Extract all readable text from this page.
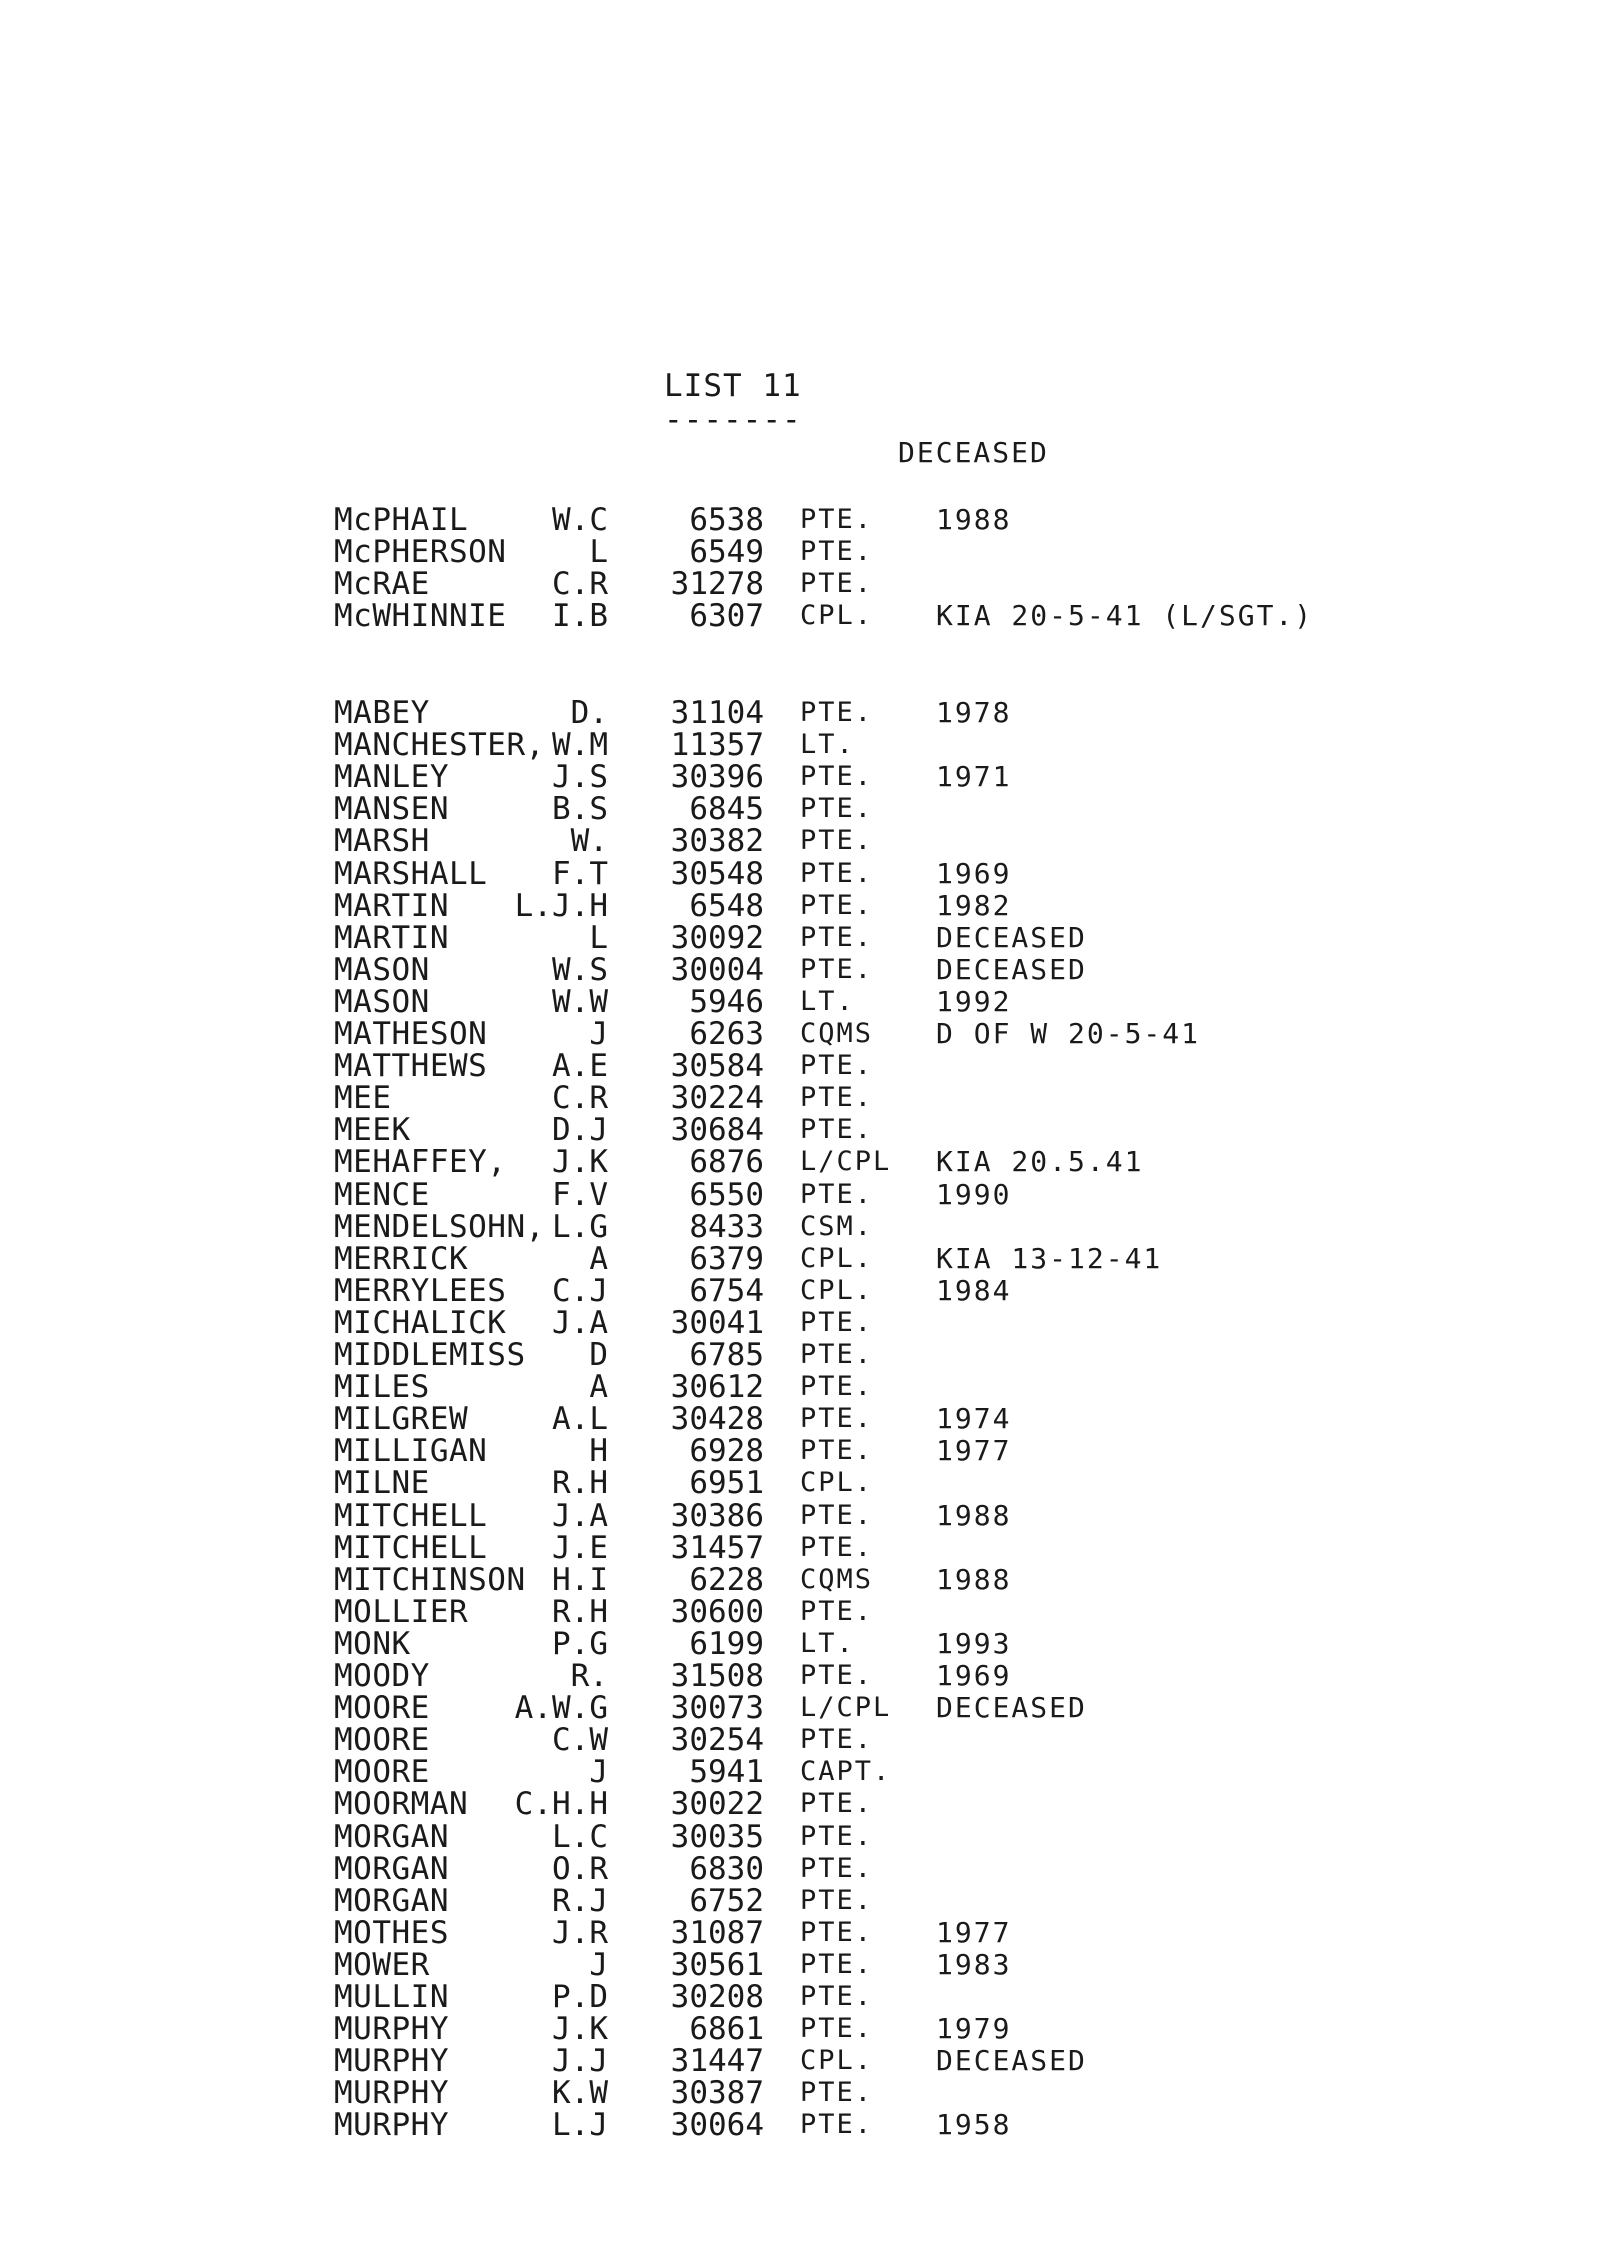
LIST 11
-------
DECEASED
McPHAIL	W.C	6538 PTE. 1988
McPHERSON	L	6549 PTE.
McRAE	C.R	31278 PTE.
McWHINNIE	I.B	6307 CPL. KIA 20-5-41 (L/SGT.)
MABEY	D.	31104 PTE. 1978
MANCHESTER, W.M	11357 LT.
MANLEY	J.S	30396 PTE. 1971
MANSEN	B.S	6845 PTE.
MARSH	W.	30382 PTE.
MARSHALL	F.T	30548 PTE. 1969
MARTIN	L.J.H	6548 PTE. 1982
MARTIN	L	30092 PTE. DECEASED
MASON	W.S	30004 PTE. DECEASED
MASON	W.W	5946 LT.	1992
MATHESON	J	6263 CQMS D OF W 20-5-41
MATTHEWS	A.E	30584 PTE.
MEE	C.R	30224 PTE.
MEEK	D.J	30684 PTE.
MEHAFFEY,	J.K	6876 L/CPL KIA 20.5.41
MENCE	F.V	6550 PTE. 1990
MENDELSOHN, L.G	8433 CSM.
MERRICK	A	6379 CPL. KIA 13-12-41
MERRYLEES	C.J	6754 CPL. 1984
MICHALICK	J.A	30041 PTE.
MIDDLEMISS	D	6785 PTE.
MILES	A	30612 PTE.
MILGREW	A.L	30428 PTE. 1974
MILLIGAN	H	6928 PTE. 1977
MILNE	R.H	6951 CPL.
MITCHELL	J.A	30386 PTE. 1988
MITCHELL	J.E	31457 PTE.
MITCHINSON H.I	6228 CQMS 1988
MOLLIER	R.H	30600 PTE.
MONK	P.G	6199 LT.	1993
MOODY	R.	31508 PTE. 1969
MOORE	A.W.G	30073 L/CPL DECEASED
MOORE	C.W	30254 PTE.
MOORE	J	5941 CAPT.
MOORMAN	C.H.H	30022 PTE.
MORGAN	L.C	30035 PTE.
MORGAN	O.R	6830 PTE.
MORGAN	R.J	6752 PTE.
MOTHES	J.R	31087 PTE. 1977
MOWER	J	30561 PTE. 1983
MULLIN	P.D	30208 PTE.
MURPHY	J.K	6861 PTE. 1979
MURPHY	J.J	31447 CPL. DECEASED
MURPHY	K.W	30387 PTE.
MURPHY	L.J	30064 PTE. 1958
